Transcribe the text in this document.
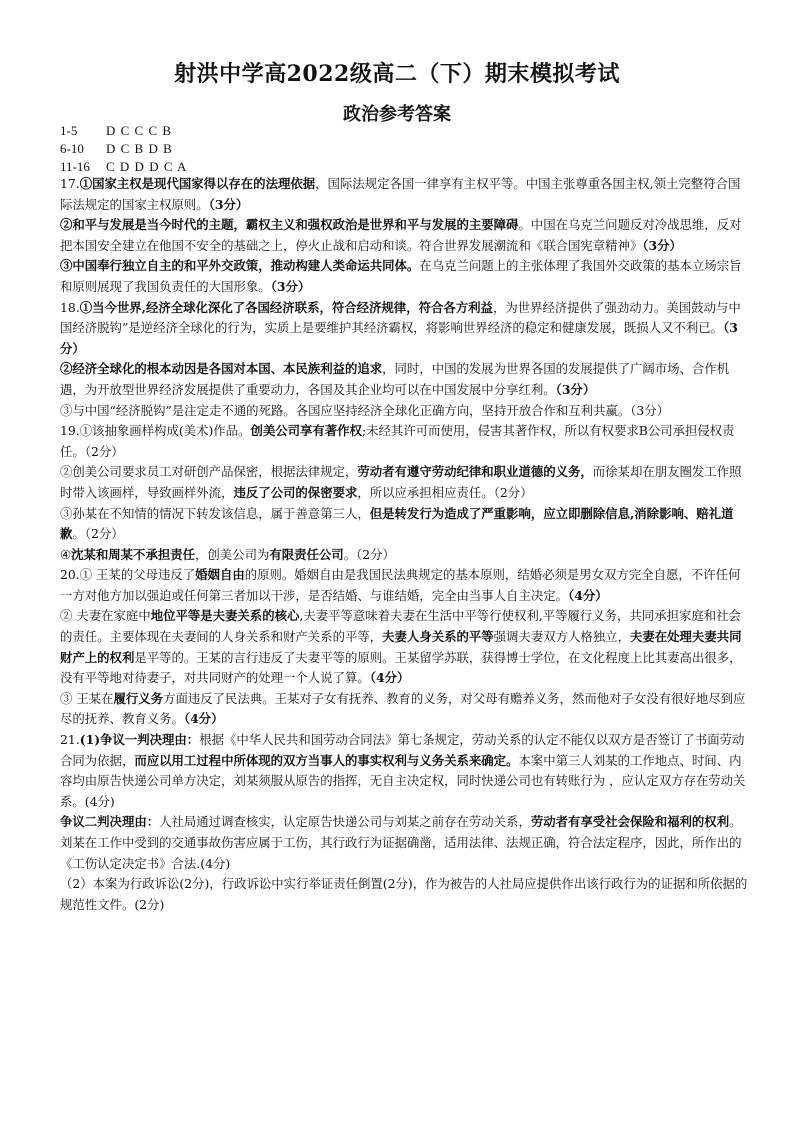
射洪中学高2022级高二（下）期末模拟考试
政治参考答案
1-5 D C C C B
6-10 D C B D B
11-16 C D D D C A

17.①国家主权是现代国家得以存在的法理依据，国际法规定各国一律享有主权平等。中国主张尊重各国主权,领土完整符合国际法规定的国家主权原则。（3分）

②和平与发展是当今时代的主题，霸权主义和强权政治是世界和平与发展的主要障碍。中国在乌克兰问题反对冷战思维，反对把本国安全建立在他国不安全的基础之上，停火止战和启动和谈。符合世界发展潮流和《联合国宪章精神》（3分）

③中国奉行独立自主的和平外交政策，推动构建人类命运共同体。在乌克兰问题上的主张体理了我国外交政策的基本立场宗旨和原则展现了我国负责任的大国形象。（3分）

18.①当今世界,经济全球化深化了各国经济联系，符合经济规律，符合各方利益，为世界经济提供了强劲动力。美国鼓动与中国经济脱钩”是逆经济全球化的行为，实质上是要维护其经济霸权，将影响世界经济的稳定和健康发展，既损人又不利已。（3分）

②经济全球化的根本动因是各国对本国、本民族利益的追求，同时，中国的发展为世界各国的发展提供了广阔市场、合作机遇，为开放型世界经济发展提供了重要动力，各国及其企业均可以在中国发展中分享红利。（3分）

③与中国“经济脱钩”是注定走不通的死路。各国应坚持经济全球化正确方向，坚持开放合作和互利共赢。（3分）

19.①该抽象画样构成(美术)作品。创美公司享有著作权;未经其许可而使用，侵害其著作权，所以有权要求B公司承担侵权责任。（2分）

②创美公司要求员工对研创产品保密，根据法律规定，劳动者有遵守劳动纪律和职业道德的义务，而徐某却在朋友圈发工作照时带入该画样，导致画样外流，违反了公司的保密要求，所以应承担相应责任。（2分）

③孙某在不知情的情况下转发该信息，属于善意第三人，但是转发行为造成了严重影响，应立即删除信息,消除影响、赔礼道歉。（2分）

④沈某和周某不承担责任，创美公司为有限责任公司。（2分）

20.① 王某的父母违反了婚姻自由的原则。婚姻自由是我国民法典规定的基本原则，结婚必须是男女双方完全自愿，不许任何一方对他方加以强迫或任何第三者加以干涉，是否结婚、与谁结婚，完全由当事人自主决定。（4分）

② 夫妻在家庭中地位平等是夫妻关系的核心,夫妻平等意味着夫妻在生活中平等行使权利,平等履行义务，共同承担家庭和社会的责任。主要体现在夫妻间的人身关系和财产关系的平等，夫妻人身关系的平等强调夫妻双方人格独立，夫妻在处理夫妻共同财产上的权利是平等的。王某的言行违反了夫妻平等的原则。王某留学苏联，获得博士学位，在文化程度上比其妻高出很多，没有平等地对待妻子，对共同财产的处理一个人说了算。（4分）

③ 王某在履行义务方面违反了民法典。王某对子女有抚养、教育的义务，对父母有赡养义务，然而他对子女没有很好地尽到应尽的抚养、教育义务。（4分）

21.(1)争议一判决理由：根据《中华人民共和国劳动合同法》第七条规定，劳动关系的认定不能仅以双方是否签订了书面劳动合同为依据，而应以用工过程中所体现的双方当事人的事实权利与义务关系来确定。本案中第三人刘某的工作地点、时间、内容均由原告快递公司单方决定，刘某须服从原告的指挥，无自主决定权，同时快递公司也有转账行为 ，应认定双方存在劳动关系。(4分)

争议二判决理由：人社局通过调查核实，认定原告快递公司与刘某之前存在劳动关系，劳动者有享受社会保险和福利的权利。刘某在工作中受到的交通事故伤害应属于工伤，其行政行为证据确凿，适用法律、法规正确，符合法定程序，因此，所作出的《工伤认定决定书》合法.(4分)

（2）本案为行政诉讼(2分)，行政诉讼中实行举证责任倒置(2分)，作为被告的人社局应提供作出该行政行为的证据和所依据的规范性文件。(2分)
